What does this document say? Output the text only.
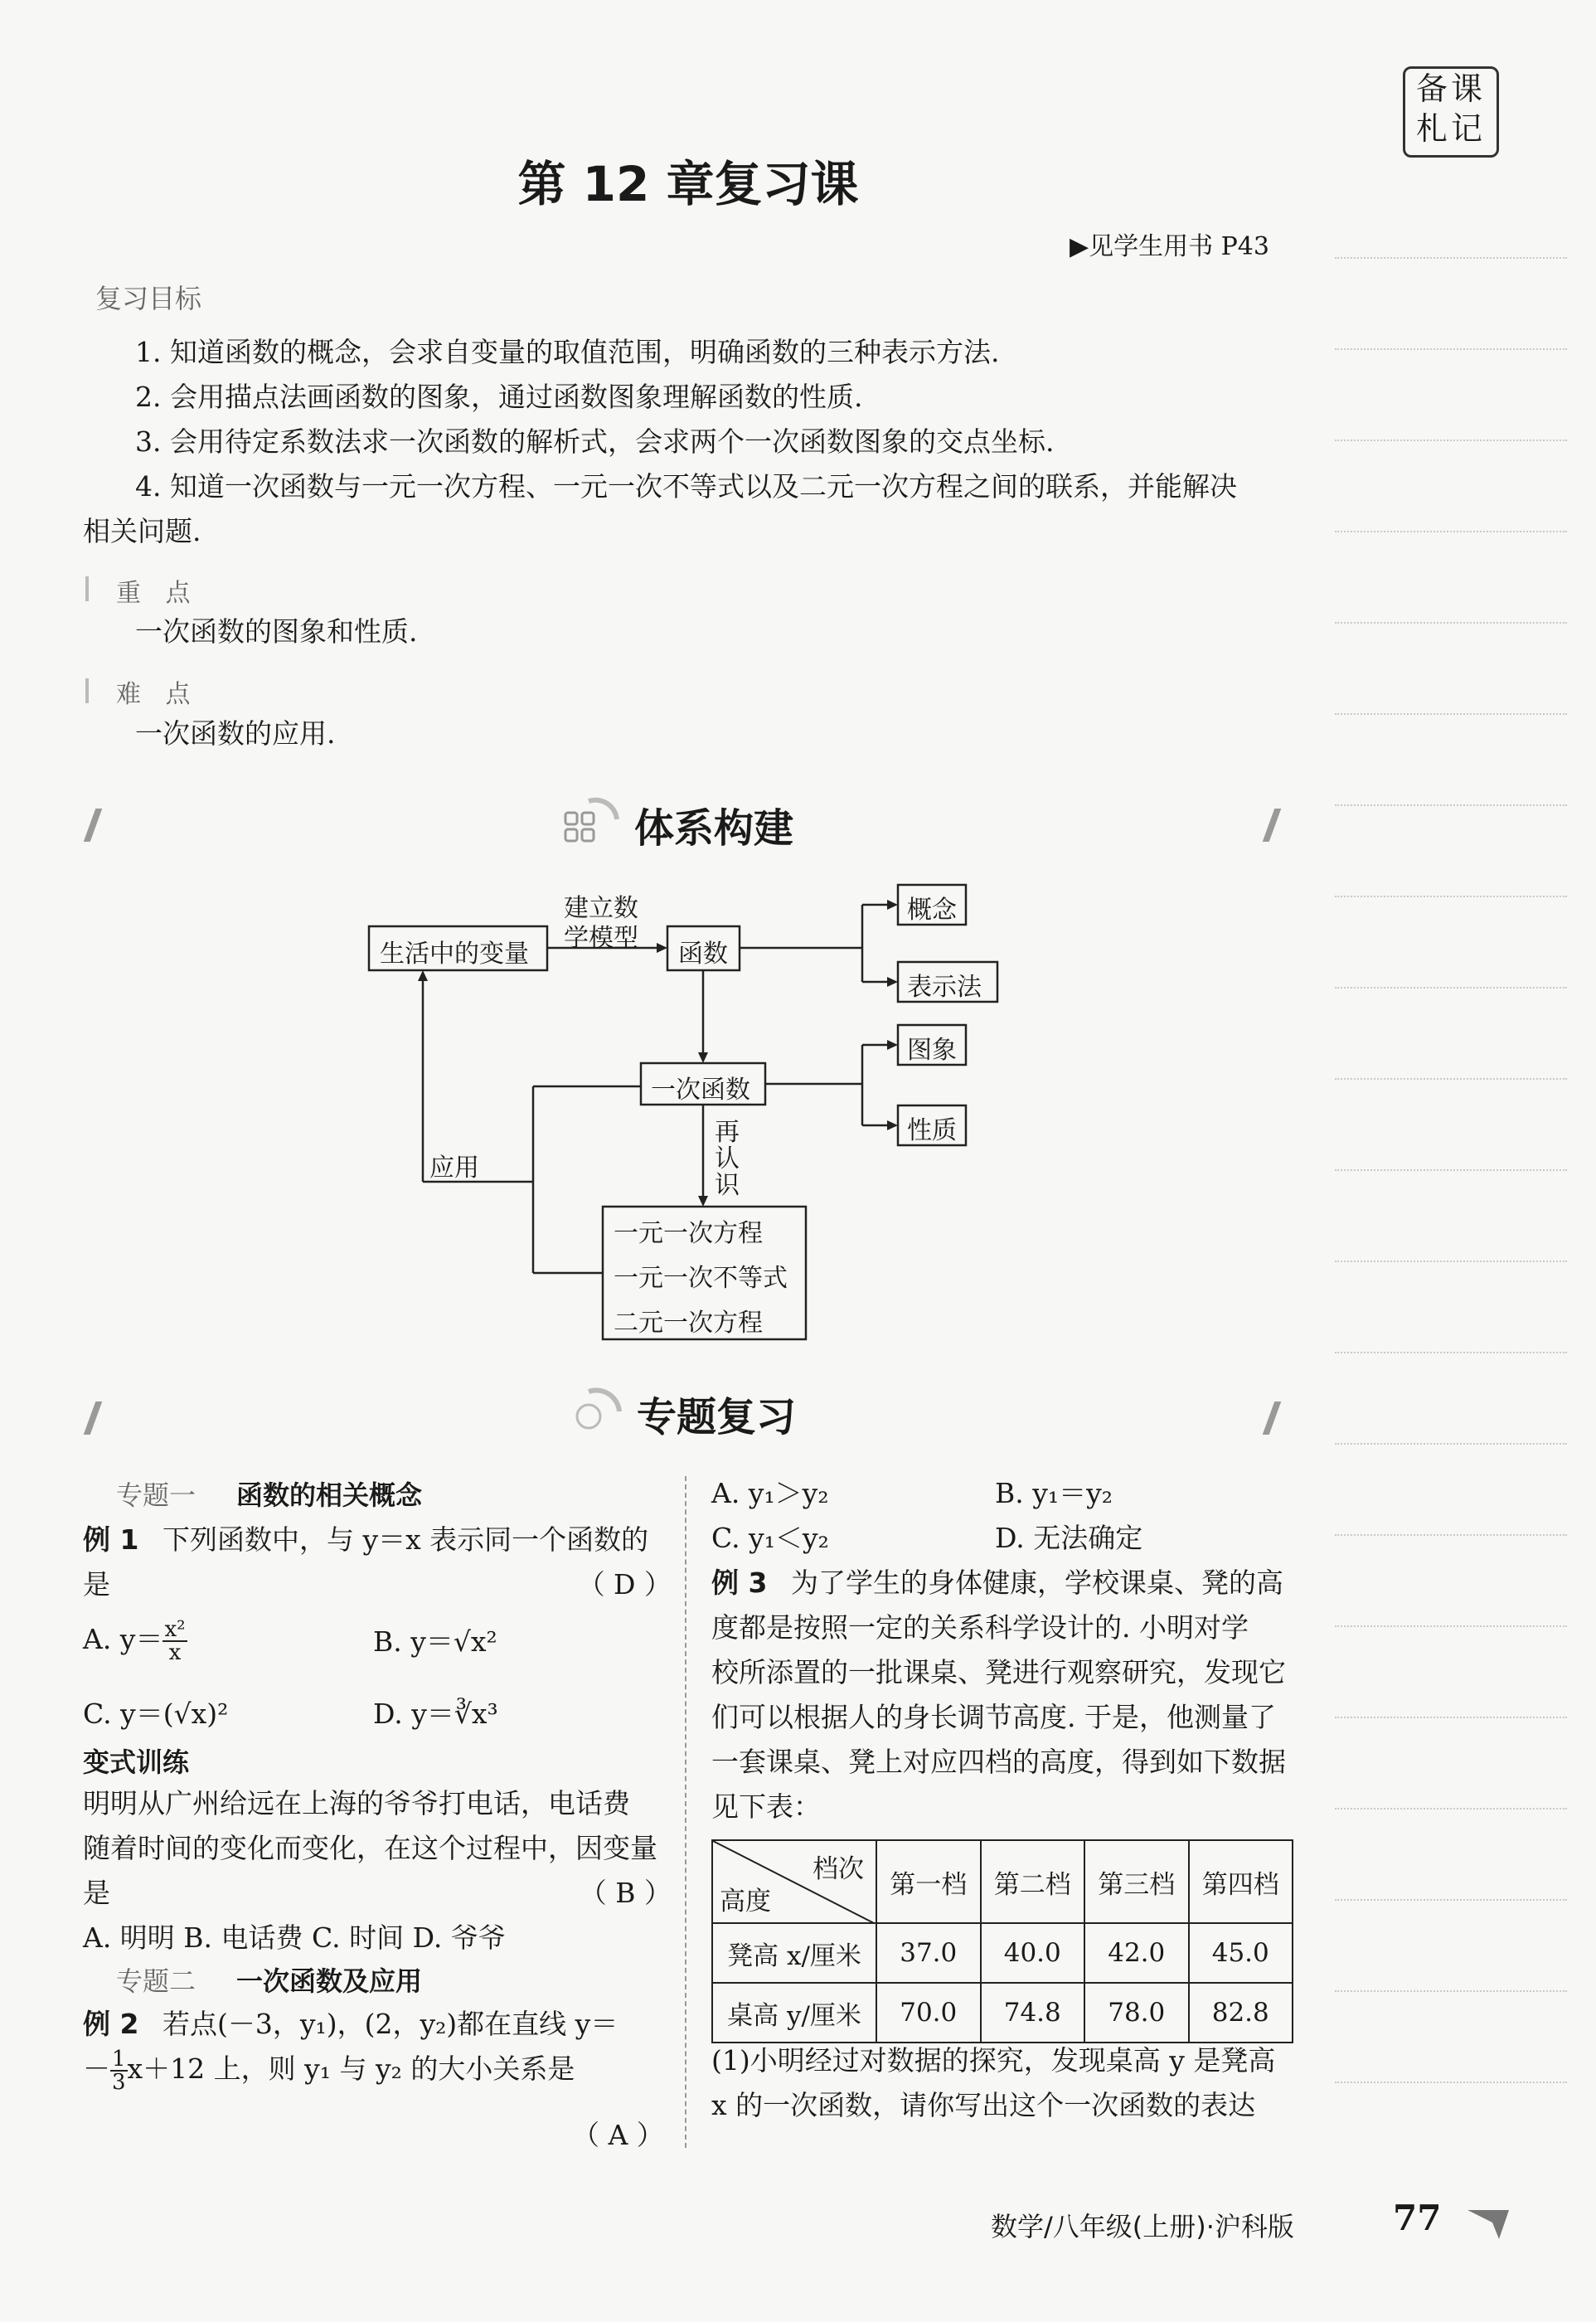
备课
札记
第 12 章复习课
▶见学生用书 P43
复习目标
1. 知道函数的概念，会求自变量的取值范围，明确函数的三种表示方法.
2. 会用描点法画函数的图象，通过函数图象理解函数的性质.
3. 会用待定系数法求一次函数的解析式，会求两个一次函数图象的交点坐标.
4. 知道一次函数与一元一次方程、一元一次不等式以及二元一次方程之间的联系，并能解决
相关问题.
重 点
一次函数的图象和性质.
难 点
一次函数的应用.
体系构建
生活中的变量
建立数
学模型
函数
概念
表示法
一次函数
图象
性质
再
认
识
应用
一元一次方程
一元一次不等式
二元一次方程
专题复习
专题一 函数的相关概念
例 1 下列函数中，与 y＝x 表示同一个函数的
是	（ D ）
A. $y= \frac{\text{x²}}{x}$	B. y＝√x²
C. y＝(√x)²	D. y＝∛x³
变式训练
明明从广州给远在上海的爷爷打电话，电话费
随着时间的变化而变化，在这个过程中，因变量
是	（ B ）
A. 明明 B. 电话费 C. 时间 D. 爷爷
专题二 一次函数及应用
例 2 若点(－3，y₁)，(2，y₂)都在直线 y＝
－ $\frac{1}{3} x+12$ 上，则 y₁ 与 y₂ 的大小关系是
（ A ）
A. y₁＞y₂	B. y₁＝y₂
C. y₁＜y₂	D. 无法确定
例 3 为了学生的身体健康，学校课桌、凳的高
度都是按照一定的关系科学设计的. 小明对学
校所添置的一批课桌、凳进行观察研究，发现它
们可以根据人的身长调节高度. 于是，他测量了
一套课桌、凳上对应四档的高度，得到如下数据
见下表：
档次
高度	第一档	第二档	第三档	第四档
凳高 x/厘米	37.0	40.0	42.0	45.0
桌高 y/厘米	70.0	74.8	78.0	82.8
(1)小明经过对数据的探究，发现桌高 y 是凳高
x 的一次函数，请你写出这个一次函数的表达
数学/八年级(上册)·沪科版	77
